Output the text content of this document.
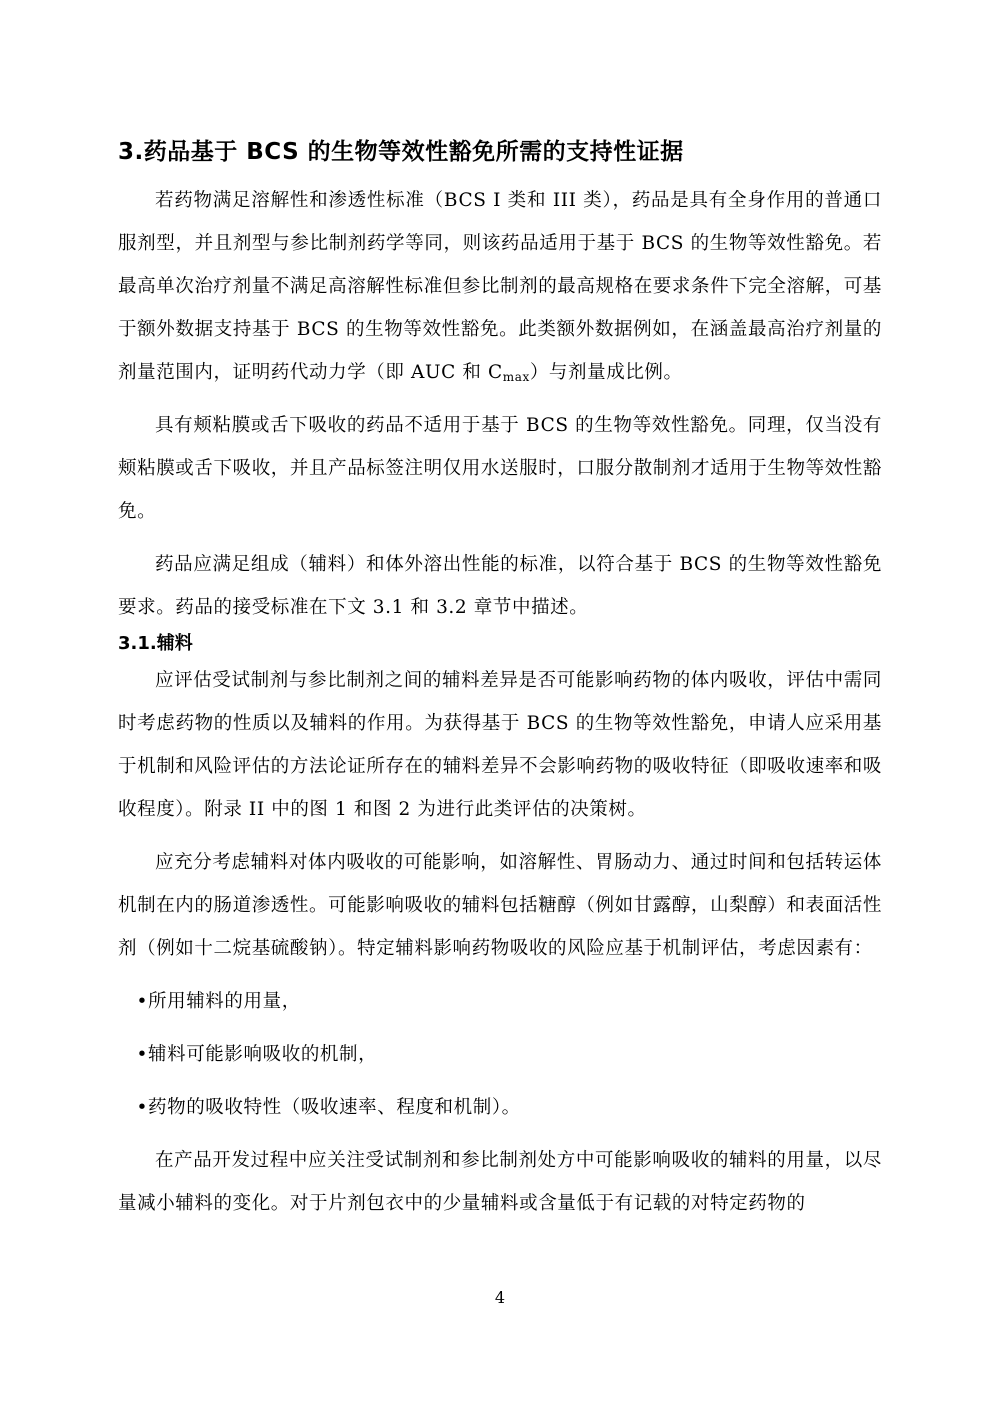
3.药品基于 BCS 的生物等效性豁免所需的支持性证据

若药物满足溶解性和渗透性标准（BCS I 类和 III 类），药品是具有全身作用的普通口服剂型，并且剂型与参比制剂药学等同，则该药品适用于基于 BCS 的生物等效性豁免。若最高单次治疗剂量不满足高溶解性标准但参比制剂的最高规格在要求条件下完全溶解，可基于额外数据支持基于 BCS 的生物等效性豁免。此类额外数据例如，在涵盖最高治疗剂量的剂量范围内，证明药代动力学（即 AUC 和 $C_{max}$）与剂量成比例。

具有颊粘膜或舌下吸收的药品不适用于基于 BCS 的生物等效性豁免。同理，仅当没有颊粘膜或舌下吸收，并且产品标签注明仅用水送服时，口服分散制剂才适用于生物等效性豁免。

药品应满足组成（辅料）和体外溶出性能的标准，以符合基于 BCS 的生物等效性豁免要求。药品的接受标准在下文 3.1 和 3.2 章节中描述。

3.1.辅料

应评估受试制剂与参比制剂之间的辅料差异是否可能影响药物的体内吸收，评估中需同时考虑药物的性质以及辅料的作用。为获得基于 BCS 的生物等效性豁免，申请人应采用基于机制和风险评估的方法论证所存在的辅料差异不会影响药物的吸收特征（即吸收速率和吸收程度）。附录 II 中的图 1 和图 2 为进行此类评估的决策树。

应充分考虑辅料对体内吸收的可能影响，如溶解性、胃肠动力、通过时间和包括转运体机制在内的肠道渗透性。可能影响吸收的辅料包括糖醇（例如甘露醇，山梨醇）和表面活性剂（例如十二烷基硫酸钠）。特定辅料影响药物吸收的风险应基于机制评估，考虑因素有：

•所用辅料的用量，

•辅料可能影响吸收的机制，

•药物的吸收特性（吸收速率、程度和机制）。

在产品开发过程中应关注受试制剂和参比制剂处方中可能影响吸收的辅料的用量，以尽量减小辅料的变化。对于片剂包衣中的少量辅料或含量低于有记载的对特定药物的

4
